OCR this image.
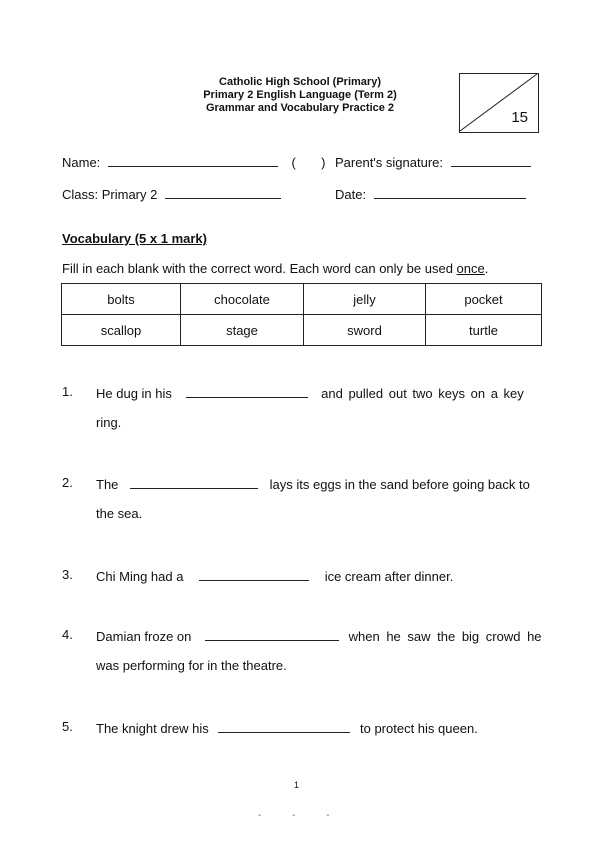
Catholic High School (Primary)
Primary 2 English Language (Term 2)
Grammar and Vocabulary Practice 2
15
Name:	( ) Parent's signature:
Class: Primary 2	Date:
Vocabulary (5 x 1 mark)
Fill in each blank with the correct word. Each word can only be used once.
bolts	chocolate	jelly	pocket
scallop	stage	sword	turtle
1. He dug in his	and pulled out two keys on a key
ring.
2. The	lays its eggs in the sand before going back to
the sea.
3. Chi Ming had a	ice cream after dinner.
4. Damian froze on	when he saw the big crowd he
was performing for in the theatre.
5. The knight drew his	to protect his queen.
1
- - -
